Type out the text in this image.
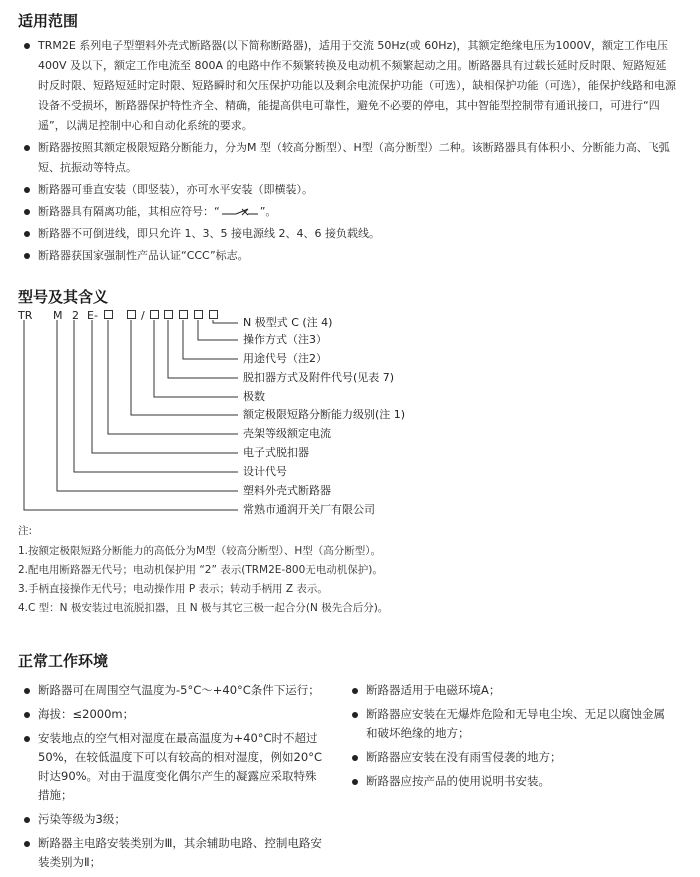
适用范围
TRM2E 系列电子型塑料外壳式断路器(以下简称断路器)，适用于交流 50Hz(或 60Hz)，其额定绝缘电压为1000V，额定工作电压400V 及以下，额定工作电流至 800A 的电路中作不频繁转换及电动机不频繁起动之用。断路器具有过载长延时反时限、短路短延时反时限、短路短延时定时限、短路瞬时和欠压保护功能以及剩余电流保护功能（可选），缺相保护功能（可选），能保护线路和电源设备不受损坏，断路器保护特性齐全、精确，能提高供电可靠性，避免不必要的停电，其中智能型控制带有通讯接口，可进行“四遥”，以满足控制中心和自动化系统的要求。
断路器按照其额定极限短路分断能力，分为M 型（较高分断型）、H型（高分断型）二种。该断路器具有体积小、分断能力高、飞弧短、抗振动等特点。
断路器可垂直安装（即竖装），亦可水平安装（即横装）。
断路器具有隔离功能，其相应符号：“	”。
断路器不可倒进线，即只允许 1、3、5 接电源线 2、4、6 接负载线。
断路器获国家强制性产品认证“CCC”标志。
型号及其含义
TR M 2 E-	/
N 极型式 C (注 4)
操作方式（注3）
用途代号（注2）
脱扣器方式及附件代号(见表 7)
极数
额定极限短路分断能力级别(注 1)
壳架等级额定电流
电子式脱扣器
设计代号
塑料外壳式断路器
常熟市通润开关厂有限公司
注:
1.按额定极限短路分断能力的高低分为M型（较高分断型）、H型（高分断型）。
2.配电用断路器无代号；电动机保护用 “2” 表示(TRM2E-800无电动机保护)。
3.手柄直接操作无代号；电动操作用 P 表示；转动手柄用 Z 表示。
4.C 型：N 极安装过电流脱扣器，且 N 极与其它三极一起合分(N 极先合后分)。
正常工作环境
断路器可在周围空气温度为-5°C～+40°C条件下运行；
海拔：≤2000m；
安装地点的空气相对湿度在最高温度为+40°C时不超过50%，在较低温度下可以有较高的相对湿度，例如20°C时达90%。对由于温度变化偶尔产生的凝露应采取特殊措施；
污染等级为3级；
断路器主电路安装类别为Ⅲ，其余辅助电路、控制电路安装类别为Ⅱ；
断路器适用于电磁环境A；
断路器应安装在无爆炸危险和无导电尘埃、无足以腐蚀金属和破坏绝缘的地方；
断路器应安装在没有雨雪侵袭的地方；
断路器应按产品的使用说明书安装。
